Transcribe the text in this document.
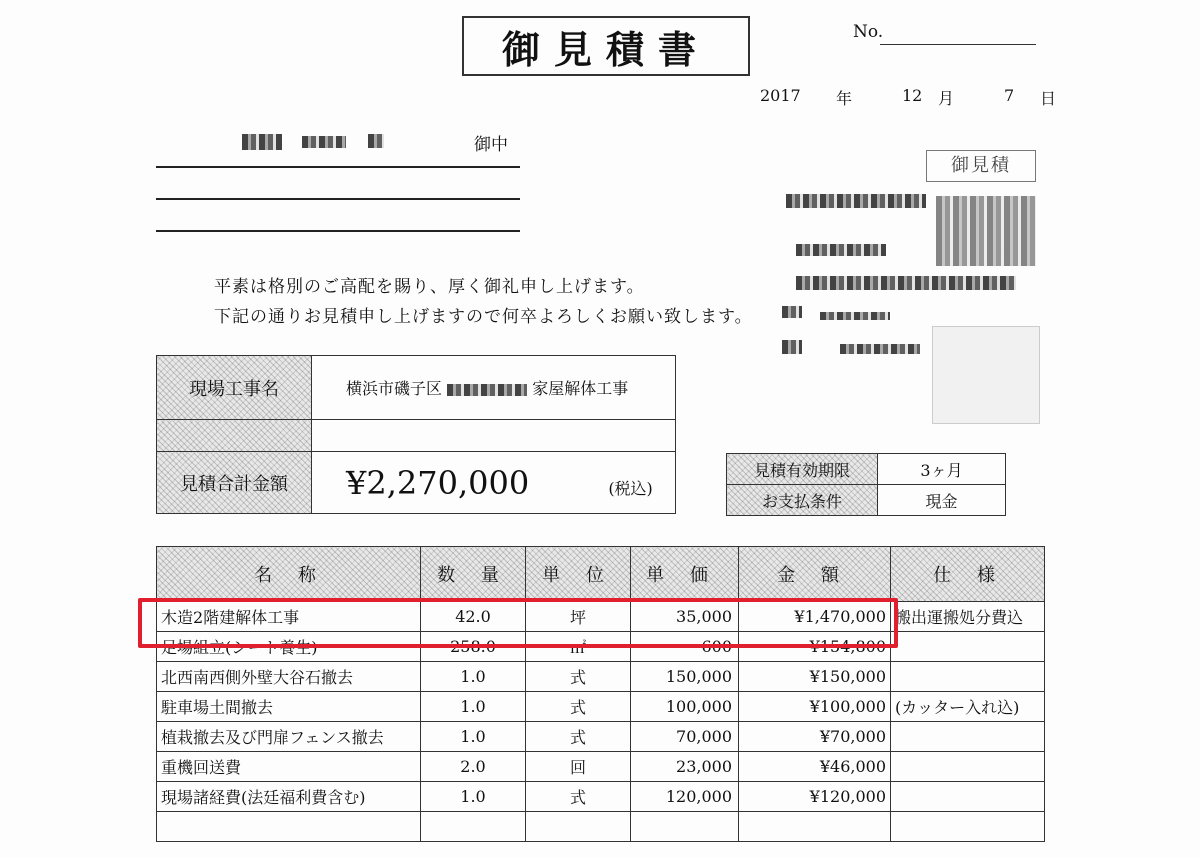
御見積書	No.
2017 年	12 月	7 日
御中
御見積
平素は格別のご高配を賜り、厚く御礼申し上げます。
下記の通りお見積申し上げますので何卒よろしくお願い致します。
現場工事名	横浜市磯子区 家屋解体工事

見積合計金額	¥2,270,000 (税込)
見積有効期限	3ヶ月
お支払条件	現金
名 称	数 量	単 位	単 価	金 額	仕 様
木造2階建解体工事	42.0	坪	35,000	¥1,470,000	搬出運搬処分費込
足場組立(シート養生)	258.0	㎡	600	¥154,800	
北西南西側外壁大谷石撤去	1.0	式	150,000	¥150,000	
駐車場土間撤去	1.0	式	100,000	¥100,000	(カッター入れ込)
植栽撤去及び門扉フェンス撤去	1.0	式	70,000	¥70,000	
重機回送費	2.0	回	23,000	¥46,000	
現場諸経費(法廷福利費含む)	1.0	式	120,000	¥120,000	
